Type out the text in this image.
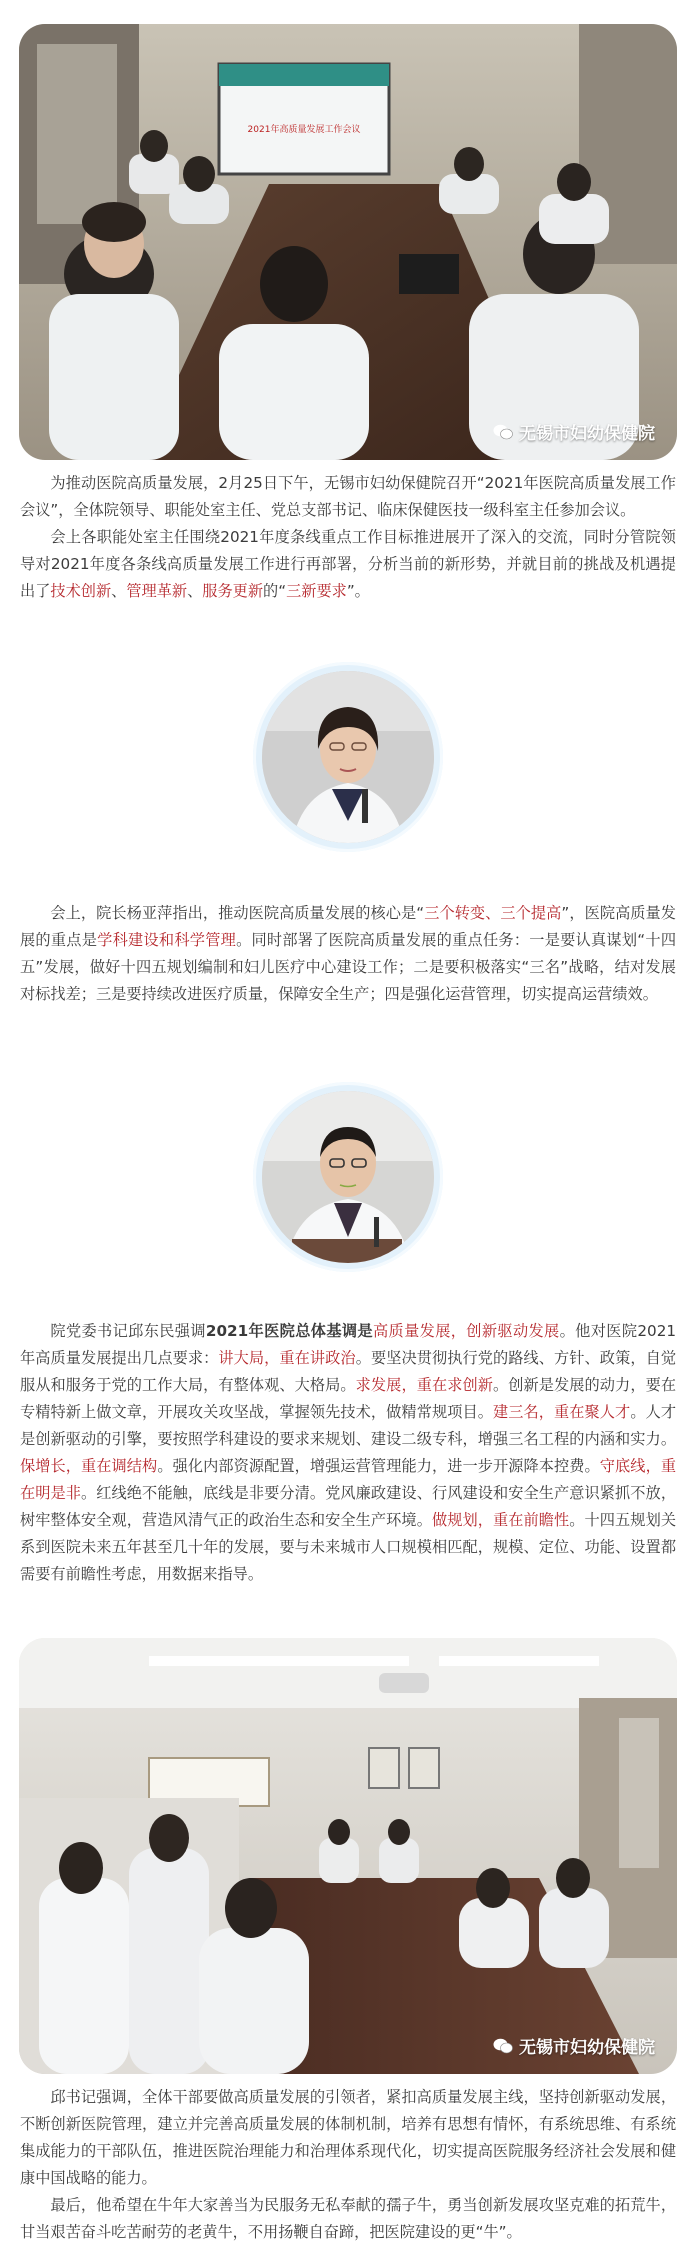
2021年高质量发展工作会议
无锡市妇幼保健院

为推动医院高质量发展，2月25日下午，无锡市妇幼保健院召开“2021年医院高质量发展工作会议”，全体院领导、职能处室主任、党总支部书记、临床保健医技一级科室主任参加会议。

会上各职能处室主任围绕2021年度条线重点工作目标推进展开了深入的交流，同时分管院领导对2021年度各条线高质量发展工作进行再部署，分析当前的新形势，并就目前的挑战及机遇提出了技术创新、管理革新、服务更新的“三新要求”。

会上，院长杨亚萍指出，推动医院高质量发展的核心是“三个转变、三个提高”，医院高质量发展的重点是学科建设和科学管理。同时部署了医院高质量发展的重点任务：一是要认真谋划“十四五”发展，做好十四五规划编制和妇儿医疗中心建设工作；二是要积极落实“三名”战略，结对发展对标找差；三是要持续改进医疗质量，保障安全生产；四是强化运营管理，切实提高运营绩效。

院党委书记邱东民强调2021年医院总体基调是高质量发展，创新驱动发展。他对医院2021年高质量发展提出几点要求：讲大局，重在讲政治。要坚决贯彻执行党的路线、方针、政策，自觉服从和服务于党的工作大局，有整体观、大格局。求发展，重在求创新。创新是发展的动力，要在专精特新上做文章，开展攻关攻坚战，掌握领先技术，做精常规项目。建三名，重在聚人才。人才是创新驱动的引擎，要按照学科建设的要求来规划、建设二级专科，增强三名工程的内涵和实力。保增长，重在调结构。强化内部资源配置，增强运营管理能力，进一步开源降本控费。守底线，重在明是非。红线绝不能触，底线是非要分清。党风廉政建设、行风建设和安全生产意识紧抓不放，树牢整体安全观，营造风清气正的政治生态和安全生产环境。做规划，重在前瞻性。十四五规划关系到医院未来五年甚至几十年的发展，要与未来城市人口规模相匹配，规模、定位、功能、设置都需要有前瞻性考虑，用数据来指导。

无锡市妇幼保健院

邱书记强调，全体干部要做高质量发展的引领者，紧扣高质量发展主线，坚持创新驱动发展，不断创新医院管理，建立并完善高质量发展的体制机制，培养有思想有情怀，有系统思维、有系统集成能力的干部队伍，推进医院治理能力和治理体系现代化，切实提高医院服务经济社会发展和健康中国战略的能力。

最后，他希望在牛年大家善当为民服务无私奉献的孺子牛，勇当创新发展攻坚克难的拓荒牛，甘当艰苦奋斗吃苦耐劳的老黄牛，不用扬鞭自奋蹄，把医院建设的更“牛”。
